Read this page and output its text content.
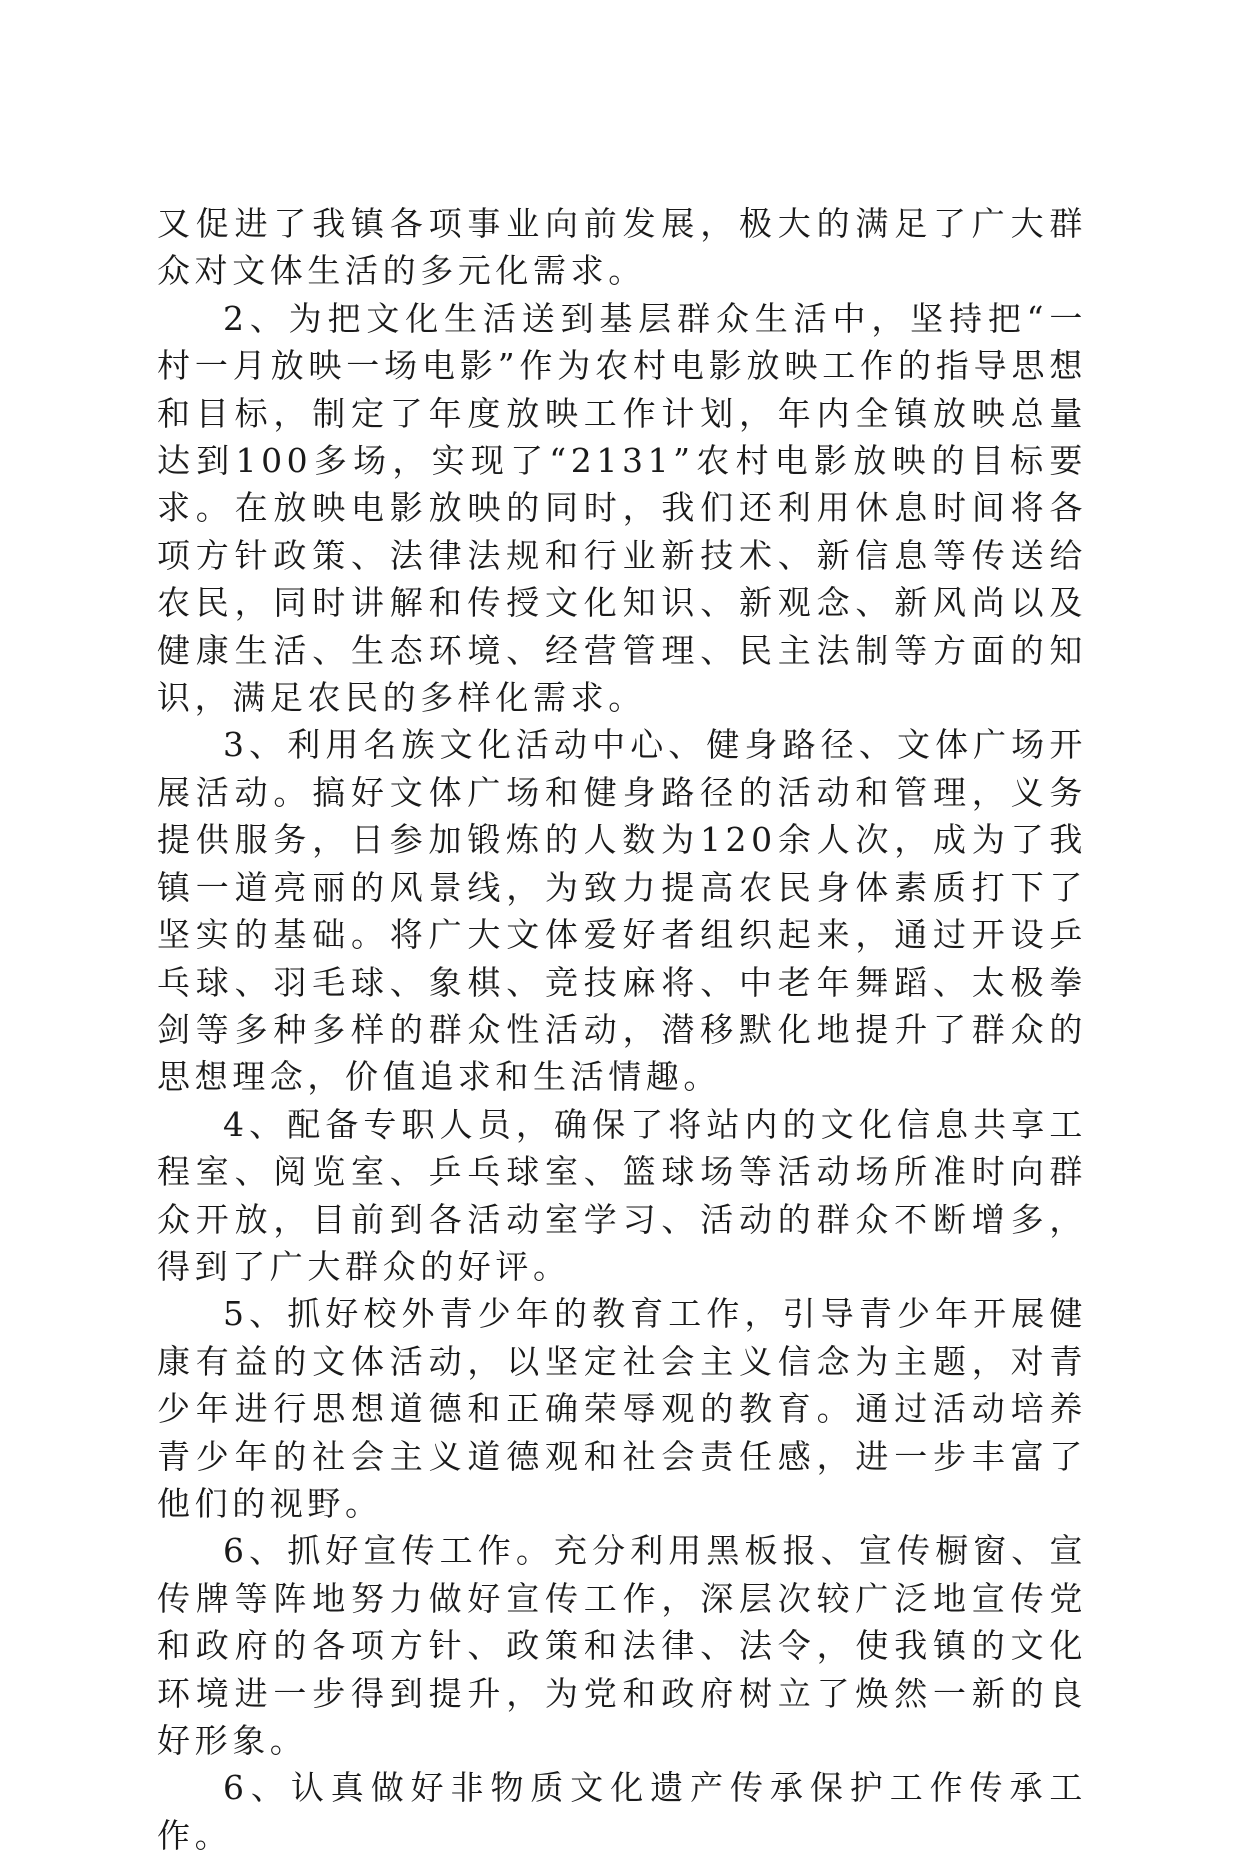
又促进了我镇各项事业向前发展，极大的满足了广大群众对文体生活的多元化需求。

2、为把文化生活送到基层群众生活中，坚持把“一村一月放映一场电影”作为农村电影放映工作的指导思想和目标，制定了年度放映工作计划，年内全镇放映总量达到100多场，实现了“2131”农村电影放映的目标要求。在放映电影放映的同时，我们还利用休息时间将各项方针政策、法律法规和行业新技术、新信息等传送给农民，同时讲解和传授文化知识、新观念、新风尚以及健康生活、生态环境、经营管理、民主法制等方面的知识，满足农民的多样化需求。

3、利用名族文化活动中心、健身路径、文体广场开展活动。搞好文体广场和健身路径的活动和管理，义务提供服务，日参加锻炼的人数为120余人次，成为了我镇一道亮丽的风景线，为致力提高农民身体素质打下了坚实的基础。将广大文体爱好者组织起来，通过开设乒乓球、羽毛球、象棋、竞技麻将、中老年舞蹈、太极拳剑等多种多样的群众性活动，潜移默化地提升了群众的思想理念，价值追求和生活情趣。

4、配备专职人员，确保了将站内的文化信息共享工程室、阅览室、乒乓球室、篮球场等活动场所准时向群众开放，目前到各活动室学习、活动的群众不断增多，得到了广大群众的好评。

5、抓好校外青少年的教育工作，引导青少年开展健康有益的文体活动，以坚定社会主义信念为主题，对青少年进行思想道德和正确荣辱观的教育。通过活动培养青少年的社会主义道德观和社会责任感，进一步丰富了他们的视野。

6、抓好宣传工作。充分利用黑板报、宣传橱窗、宣传牌等阵地努力做好宣传工作，深层次较广泛地宣传党和政府的各项方针、政策和法律、法令，使我镇的文化环境进一步得到提升，为党和政府树立了焕然一新的良好形象。

6、认真做好非物质文化遗产传承保护工作传承工作。
